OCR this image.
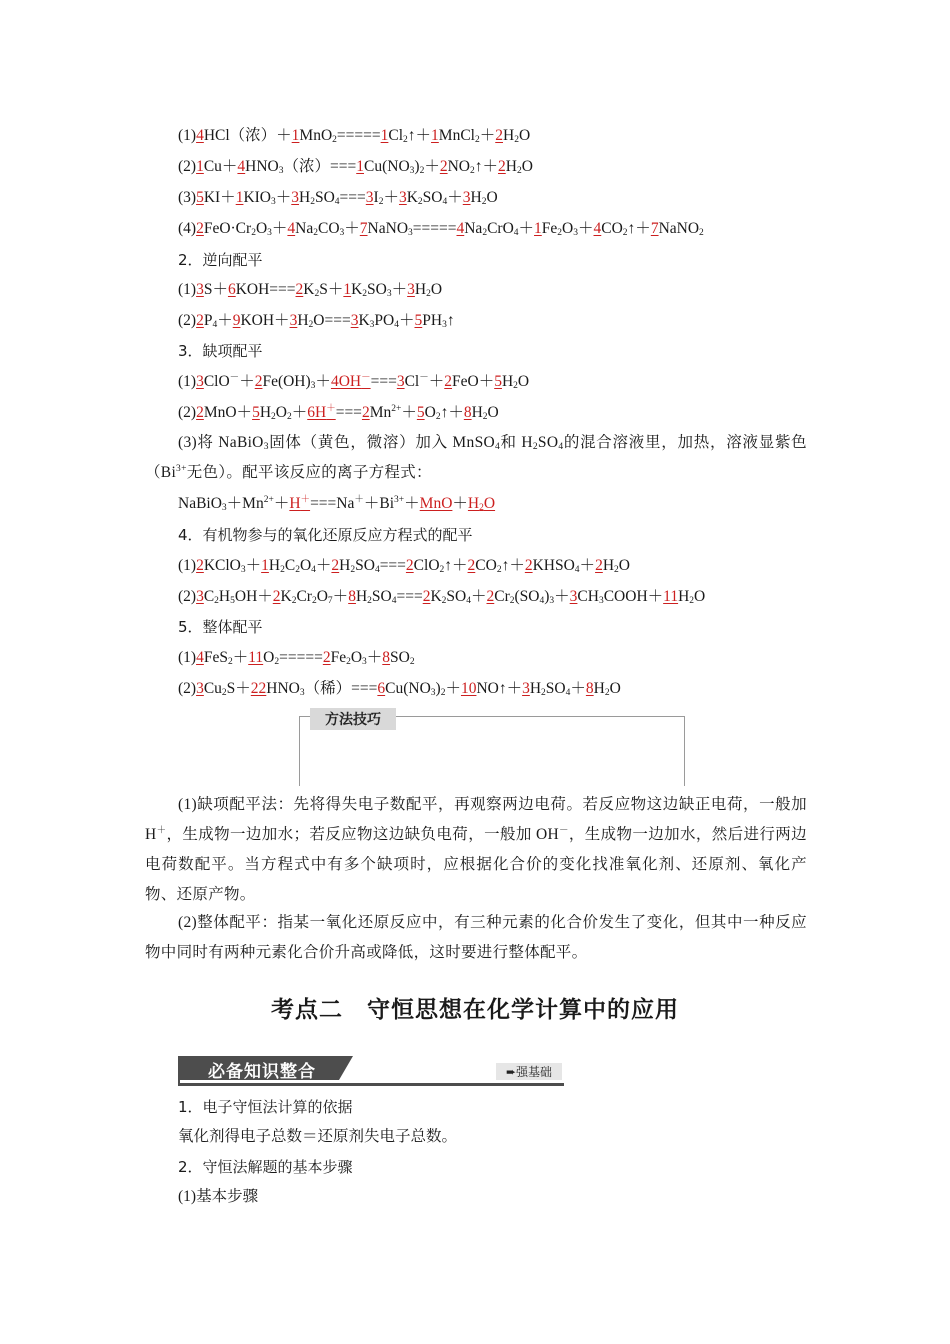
(1)4HCl（浓）$+1MnO_2=====1Cl_2↑+1MnCl_2+2H_2O$
$(2)1Cu+4HNO_3$（浓）$===1Cu(NO_3)_2+2NO_2↑+2H_2O$
$(3)5KI+1KIO_3+3H_2SO_4===3I_2+3K_2SO_4+3H_2O$
$(4)2FeO\cdot Cr_2O_3+4Na_2CO_3+7NaNO_3=====4Na_2CrO_4+1Fe_2O_3+4CO_2↑+7NaNO_2$
2．逆向配平
$(1)3S+6KOH===2K_2S+1K_2SO_3+3H_2O$
$(2)2P_4+9KOH+3H_2O===3K_3PO_4+5PH_3↑$
3．缺项配平
$(1)3ClO^-+2Fe(OH)_3+4OH^-===3Cl^-+2FeO+5H_2O$
$(2)2MnO+5H_2O_2+6H^+===2Mn^{2+}+5O_2↑+8H_2O$
(3)将 NaBiO$_3$固体（黄色，微溶）加入 MnSO$_4$和 $H_2SO_4$的混合溶液里，加热，溶液显紫色（$Bi^{3+}$无色）。配平该反应的离子方程式：
$NaBiO_3+Mn^{2+}+H^+===Na^++Bi^{3+}+MnO+H_2O$
4．有机物参与的氧化还原反应方程式的配平
$(1)2KClO_3+1H_2C_2O_4+2H_2SO_4===2ClO_2↑+2CO_2↑+2KHSO_4+2H_2O$
$(2)3C_2H_5OH+2K_2Cr_2O_7+8H_2SO_4===2K_2SO_4+2Cr_2(SO_4)_3+3CH_3COOH+11H_2O$
5．整体配平
$(1)4FeS_2+11O_2=====2Fe_2O_3+8SO_2$
$(2)3Cu_2S+22HNO_3$（稀）$===6Cu(NO_3)_2+10NO↑+3H_2SO_4+8H_2O$
方法技巧
(1)缺项配平法：先将得失电子数配平，再观察两边电荷。若反应物这边缺正电荷，一般加 H＋，生成物一边加水；若反应物这边缺负电荷，一般加 OH－，生成物一边加水，然后进行两边电荷数配平。当方程式中有多个缺项时，应根据化合价的变化找准氧化剂、还原剂、氧化产物、还原产物。
(2)整体配平：指某一氧化还原反应中，有三种元素的化合价发生了变化，但其中一种反应物中同时有两种元素化合价升高或降低，这时要进行整体配平。
考点二　守恒思想在化学计算中的应用
必备知识整合	➨强基础
1．电子守恒法计算的依据
氧化剂得电子总数＝还原剂失电子总数。
2．守恒法解题的基本步骤
(1)基本步骤
